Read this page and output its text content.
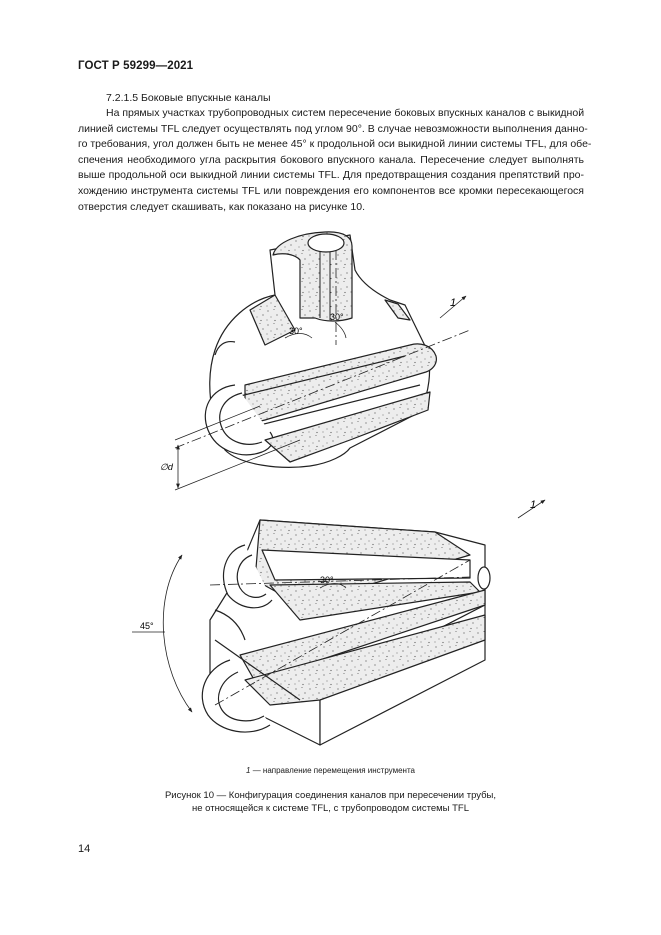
ГОСТ Р 59299—2021
7.2.1.5 Боковые впускные каналы
На прямых участках трубопроводных систем пересечение боковых впускных каналов с выкидной
линией системы TFL следует осуществлять под углом 90°. В случае невозможности выполнения данно-
го требования, угол должен быть не менее 45° к продольной оси выкидной линии системы TFL, для обе-
спечения необходимого угла раскрытия бокового впускного канала. Пересечение следует выполнять
выше продольной оси выкидной линии системы TFL. Для предотвращения создания препятствий про-
хождению инструмента системы TFL или повреждения его компонентов все кромки пересекающегося
отверстия следует скашивать, как показано на рисунке 10.
1
30°
30°
∅d
1
30°
45°
1 — направление перемещения инструмента
Рисунок 10 — Конфигурация соединения каналов при пересечении трубы,
не относящейся к системе TFL, с трубопроводом системы TFL
14
